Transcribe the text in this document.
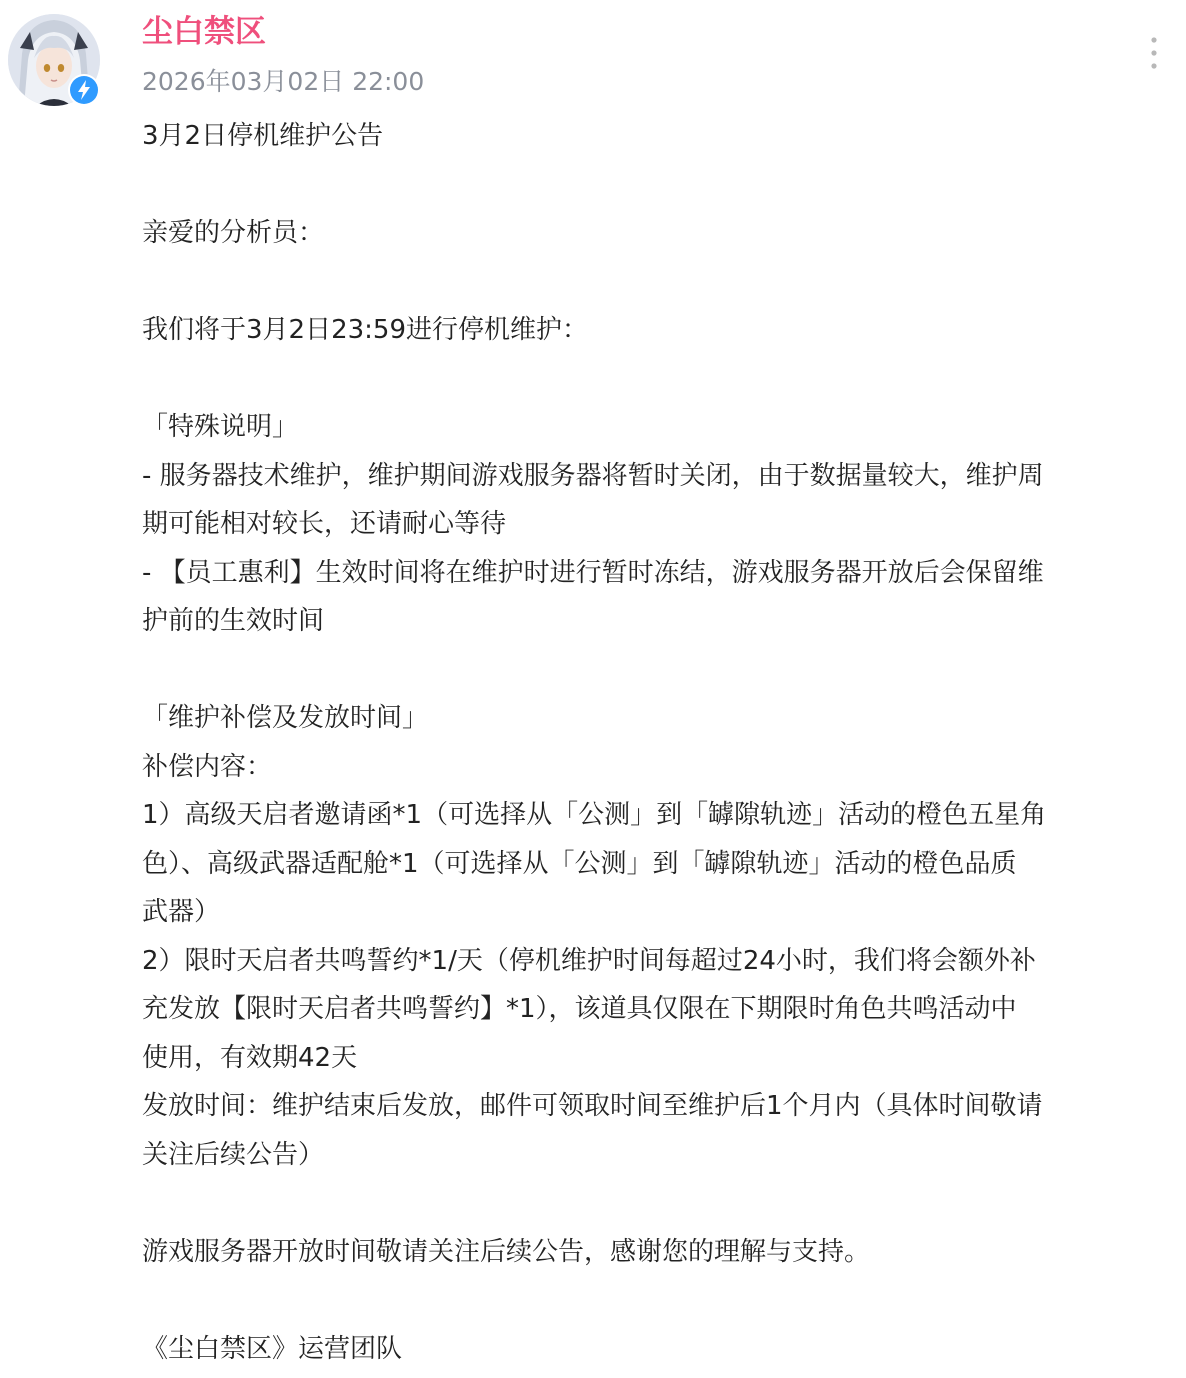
尘白禁区
2026年03月02日 22:00

3月2日停机维护公告

亲爱的分析员：

我们将于3月2日23:59进行停机维护：

「特殊说明」

- 服务器技术维护，维护期间游戏服务器将暂时关闭，由于数据量较大，维护周

期可能相对较长，还请耐心等待

- 【员工惠利】生效时间将在维护时进行暂时冻结，游戏服务器开放后会保留维

护前的生效时间

「维护补偿及发放时间」

补偿内容：

1）高级天启者邀请函*1（可选择从「公测」到「罅隙轨迹」活动的橙色五星角

色）、高级武器适配舱*1（可选择从「公测」到「罅隙轨迹」活动的橙色品质

武器）

2）限时天启者共鸣誓约*1/天（停机维护时间每超过24小时，我们将会额外补

充发放【限时天启者共鸣誓约】*1），该道具仅限在下期限时角色共鸣活动中

使用，有效期42天

发放时间：维护结束后发放，邮件可领取时间至维护后1个月内（具体时间敬请

关注后续公告）

游戏服务器开放时间敬请关注后续公告，感谢您的理解与支持。

《尘白禁区》运营团队
